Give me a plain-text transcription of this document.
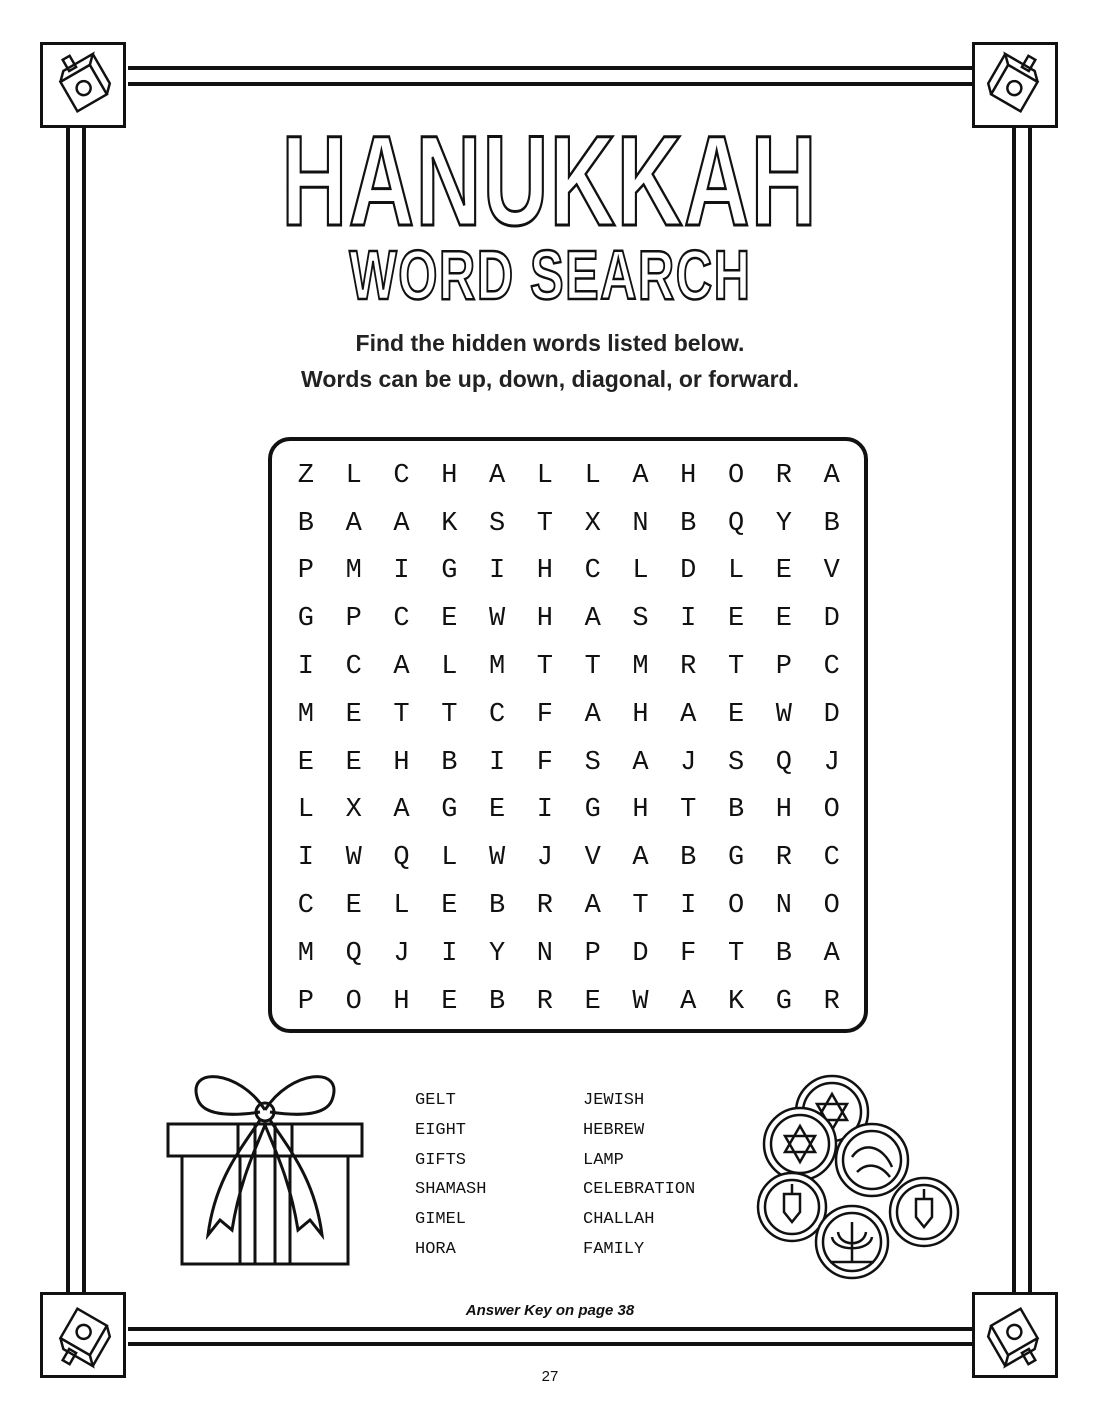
HANUKKAH
WORD SEARCH
Find the hidden words listed below.
Words can be up, down, diagonal, or forward.
Z	L	C	H	A	L	L	A	H	O	R	A
B	A	A	K	S	T	X	N	B	Q	Y	B
P	M	I	G	I	H	C	L	D	L	E	V
G	P	C	E	W	H	A	S	I	E	E	D
I	C	A	L	M	T	T	M	R	T	P	C
M	E	T	T	C	F	A	H	A	E	W	D
E	E	H	B	I	F	S	A	J	S	Q	J
L	X	A	G	E	I	G	H	T	B	H	O
I	W	Q	L	W	J	V	A	B	G	R	C
C	E	L	E	B	R	A	T	I	O	N	O
M	Q	J	I	Y	N	P	D	F	T	B	A
P	O	H	E	B	R	E	W	A	K	G	R
GELT
EIGHT
GIFTS
SHAMASH
GIMEL
HORA
JEWISH
HEBREW
LAMP
CELEBRATION
CHALLAH
FAMILY
Answer Key on page 38
27
